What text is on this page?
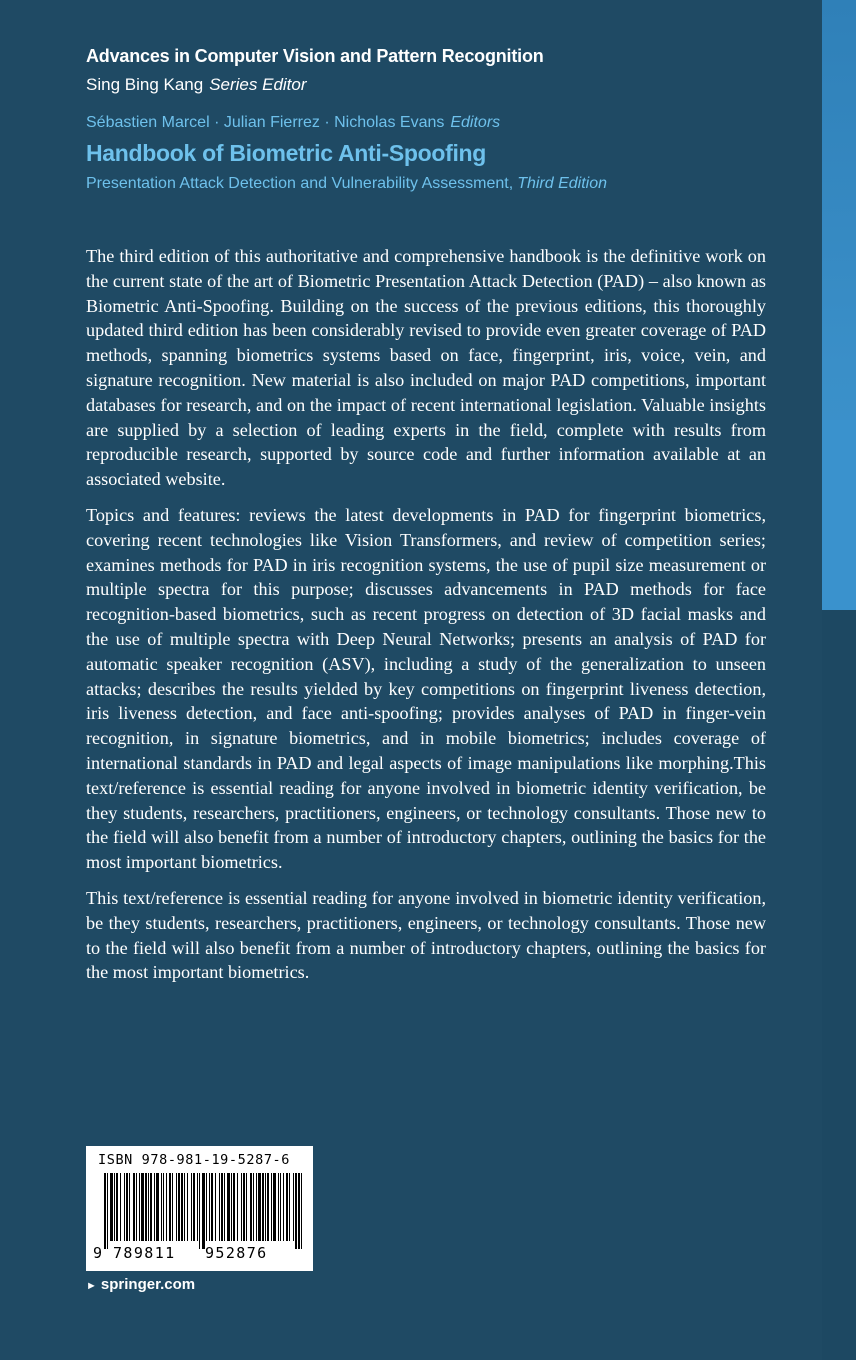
Advances in Computer Vision and Pattern Recognition
Sing Bing Kang Series Editor
Sébastien Marcel · Julian Fierrez · Nicholas Evans Editors
Handbook of Biometric Anti-Spoofing
Presentation Attack Detection and Vulnerability Assessment, Third Edition

The third edition of this authoritative and comprehensive handbook is the definitive work on the current state of the art of Biometric Presentation Attack Detection (PAD) – also known as Biometric Anti-Spoofing. Building on the success of the previous editions, this thoroughly updated third edition has been considerably revised to provide even greater coverage of PAD methods, spanning biometrics systems based on face, fingerprint, iris, voice, vein, and signature recognition. New material is also included on major PAD competitions, important databases for research, and on the impact of recent international legislation. Valuable insights are supplied by a selection of leading experts in the field, complete with results from reproducible research, supported by source code and further information available at an associated website.

Topics and features: reviews the latest developments in PAD for fingerprint biometrics, covering recent technologies like Vision Transformers, and review of competition series; examines methods for PAD in iris recognition systems, the use of pupil size measurement or multiple spectra for this purpose; discusses advancements in PAD methods for face recognition-based biometrics, such as recent progress on detection of 3D facial masks and the use of multiple spectra with Deep Neural Networks; presents an analysis of PAD for automatic speaker recognition (ASV), including a study of the generalization to unseen attacks; describes the results yielded by key competitions on fingerprint liveness detection, iris liveness detection, and face anti-spoofing; provides analyses of PAD in finger-vein recognition, in signature biometrics, and in mobile biometrics; includes coverage of international standards in PAD and legal aspects of image manipulations like morphing.This text/reference is essential reading for anyone involved in biometric identity verification, be they students, researchers, practitioners, engineers, or technology consultants. Those new to the field will also benefit from a number of introductory chapters, outlining the basics for the most important biometrics.

This text/reference is essential reading for anyone involved in biometric identity verification, be they students, researchers, practitioners, engineers, or technology consultants. Those new to the field will also benefit from a number of introductory chapters, outlining the basics for the most important biometrics.

ISBN 978-981-19-5287-6
9 789811	952876
► springer.com
